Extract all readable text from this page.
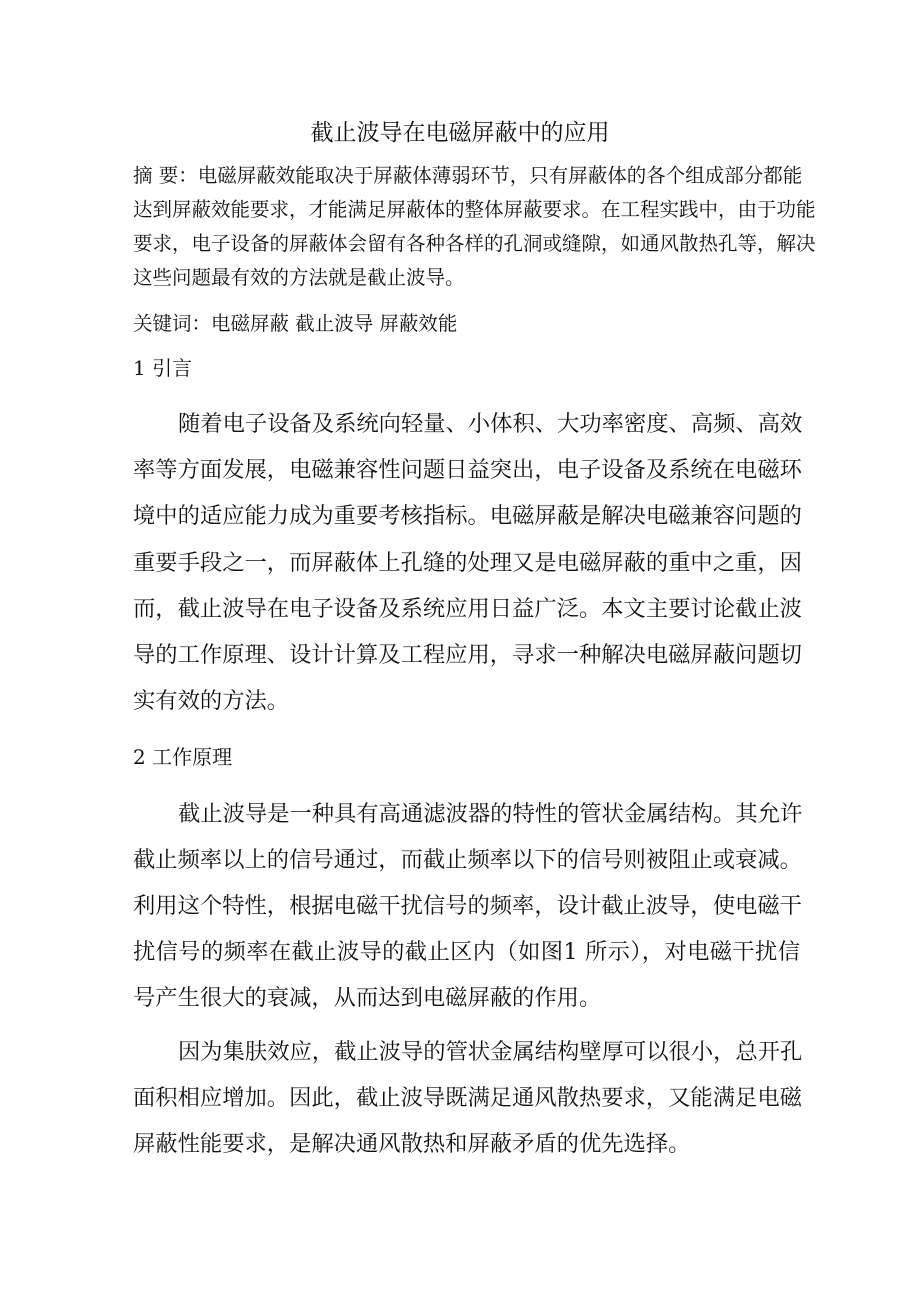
截止波导在电磁屏蔽中的应用
摘 要：电磁屏蔽效能取决于屏蔽体薄弱环节，只有屏蔽体的各个组成部分都能
达到屏蔽效能要求，才能满足屏蔽体的整体屏蔽要求。在工程实践中，由于功能
要求，电子设备的屏蔽体会留有各种各样的孔洞或缝隙，如通风散热孔等，解决
这些问题最有效的方法就是截止波导。
关键词：电磁屏蔽 截止波导 屏蔽效能
1 引言
随着电子设备及系统向轻量、小体积、大功率密度、高频、高效
率等方面发展，电磁兼容性问题日益突出，电子设备及系统在电磁环
境中的适应能力成为重要考核指标。电磁屏蔽是解决电磁兼容问题的
重要手段之一，而屏蔽体上孔缝的处理又是电磁屏蔽的重中之重，因
而，截止波导在电子设备及系统应用日益广泛。本文主要讨论截止波
导的工作原理、设计计算及工程应用，寻求一种解决电磁屏蔽问题切
实有效的方法。
2 工作原理
截止波导是一种具有高通滤波器的特性的管状金属结构。其允许
截止频率以上的信号通过，而截止频率以下的信号则被阻止或衰减。
利用这个特性，根据电磁干扰信号的频率，设计截止波导，使电磁干
扰信号的频率在截止波导的截止区内（如图1 所示），对电磁干扰信
号产生很大的衰减，从而达到电磁屏蔽的作用。
因为集肤效应，截止波导的管状金属结构壁厚可以很小，总开孔
面积相应增加。因此，截止波导既满足通风散热要求，又能满足电磁
屏蔽性能要求，是解决通风散热和屏蔽矛盾的优先选择。
